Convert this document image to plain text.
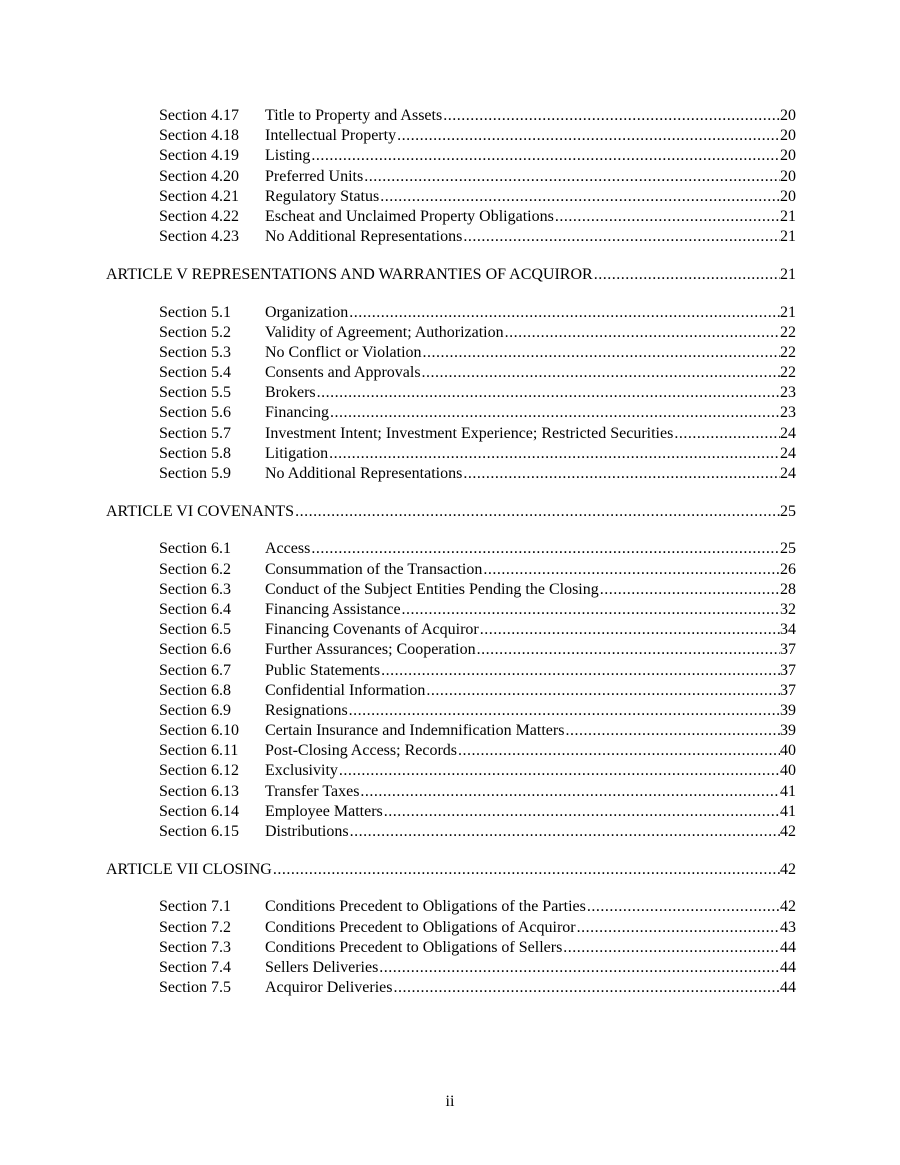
Section 4.17 Title to Property and Assets .....	20
Section 4.18 Intellectual Property .....	20
Section 4.19 Listing .....	20
Section 4.20 Preferred Units .....	20
Section 4.21 Regulatory Status .....	20
Section 4.22 Escheat and Unclaimed Property Obligations .....	21
Section 4.23 No Additional Representations .....	21
ARTICLE V REPRESENTATIONS AND WARRANTIES OF ACQUIROR .....	21
Section 5.1 Organization .....	21
Section 5.2 Validity of Agreement; Authorization .....	22
Section 5.3 No Conflict or Violation .....	22
Section 5.4 Consents and Approvals .....	22
Section 5.5 Brokers .....	23
Section 5.6 Financing .....	23
Section 5.7 Investment Intent; Investment Experience; Restricted Securities .....	24
Section 5.8 Litigation .....	24
Section 5.9 No Additional Representations .....	24
ARTICLE VI COVENANTS .....	25
Section 6.1 Access .....	25
Section 6.2 Consummation of the Transaction .....	26
Section 6.3 Conduct of the Subject Entities Pending the Closing .....	28
Section 6.4 Financing Assistance .....	32
Section 6.5 Financing Covenants of Acquiror .....	34
Section 6.6 Further Assurances; Cooperation .....	37
Section 6.7 Public Statements .....	37
Section 6.8 Confidential Information .....	37
Section 6.9 Resignations .....	39
Section 6.10 Certain Insurance and Indemnification Matters .....	39
Section 6.11 Post-Closing Access; Records .....	40
Section 6.12 Exclusivity .....	40
Section 6.13 Transfer Taxes .....	41
Section 6.14 Employee Matters .....	41
Section 6.15 Distributions .....	42
ARTICLE VII CLOSING .....	42
Section 7.1 Conditions Precedent to Obligations of the Parties .....	42
Section 7.2 Conditions Precedent to Obligations of Acquiror .....	43
Section 7.3 Conditions Precedent to Obligations of Sellers .....	44
Section 7.4 Sellers Deliveries .....	44
Section 7.5 Acquiror Deliveries .....	44
ii
